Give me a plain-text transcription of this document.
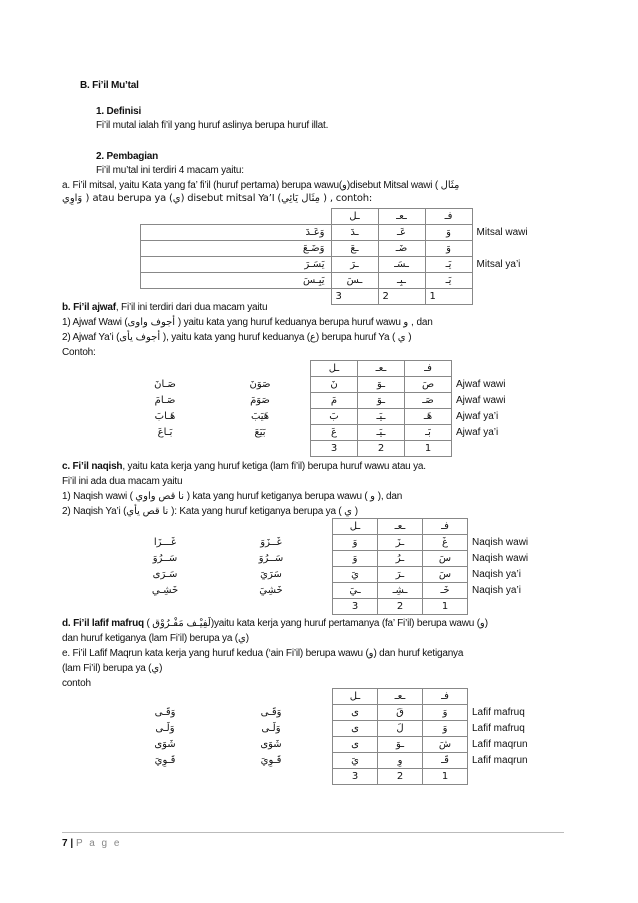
B. Fi’il Mu’tal
1. Definisi
Fi’il mutal ialah fi’il yang huruf aslinya berupa huruf illat.
2. Pembagian
Fi’il mu’tal ini terdiri 4 macam yaitu:
a. Fi’il mitsal, yaitu Kata yang fa’ fi’il (huruf pertama) berupa wawu(و)disebut Mitsal wawi ( مِثَال
وَاوِي ) atau berupa ya (ي) disebut mitsal Ya’I (مِثَال يَائِي ) , contoh:
	ـل	ـعـ	فـ	
وَعَـدَ	ـدَ	عَـ	وَ	Mitsal wawi
وَضَـعَ	ـعَ	ضَـ	وَ	
يَسَـرَ	ـرَ	ـسَـ	يَـ	Mitsal ya’i
يَبِـسَ	ـسَ	ـبِـ	يَـ	
	3	2	1	
b. Fi’il ajwaf, Fi’il ini terdiri dari dua macam yaitu
1) Ajwaf Wawi (أجوف واوى ) yaitu kata yang huruf keduanya berupa huruf wawu و , dan
2) Ajwaf Ya’i (أجوف يأى ), yaitu kata yang huruf keduanya (ع) berupa huruf Ya ( ي )
Contoh:
		ـل	ـعـ	فـ	
صَـانَ	صَوَنَ	نَ	ـوَ	صَ	Ajwaf wawi
صَـامَ	صَوَمَ	مَ	ـوَ	صَـ	Ajwaf wawi
هَـابَ	هَيَبَ	بَ	ـيَـ	هَـ	Ajwaf ya’i
بَـاعَ	بَيَعَ	عَ	ـيَـ	بَـ	Ajwaf ya’i
		3	2	1	
c. Fi’il naqish, yaitu kata kerja yang huruf ketiga (lam fi’il) berupa huruf wawu atau ya.
Fi’il ini ada dua macam yaitu
1) Naqish wawi ( نا قص واوي ) kata yang huruf ketiganya berupa wawu ( و ), dan
2) Naqish Ya’i (نا قص يأي ): Kata yang huruf ketiganya berupa ya ( ي )
		ـل	ـعـ	فـ	
غَـــزَا	غَــزَوَ	وَ	ـزَ	غَ	Naqish wawi
سَــرُوَ	سَــرُوَ	وَ	ـرُ	سَ	Naqish wawi
سَـرَى	سَرَيَ	يَ	ـرَ	سَ	Naqish ya’i
خَشِـي	خَشِيَ	ـيَ	ـشِـ	خَـ	Naqish ya’i
		3	2	1	
d. Fi’il lafif mafruq ( لَفِيْـف مَفْـرُوْق)yaitu kata kerja yang huruf pertamanya (fa’ Fi’il) berupa wawu (و)
dan huruf ketiganya (lam Fi’il) berupa ya (ي)
e. Fi’il Lafif Maqrun kata kerja yang huruf kedua (‘ain Fi’il) berupa wawu (و) dan huruf ketiganya
(lam Fi’il) berupa ya (ي)
contoh
		ـل	ـعـ	فـ	
وَقَـى	وَقَـى	ى	قَ	وَ	Lafif mafruq
وَلَـى	وَلَـى	ى	لَ	وَ	Lafif mafruq
شَوَى	شَوَى	ى	ـوَ	شَ	Lafif maqrun
قَـوِيَ	قَـوِيَ	يَ	وِ	قَـ	Lafif maqrun
		3	2	1	
7 | P a g e
